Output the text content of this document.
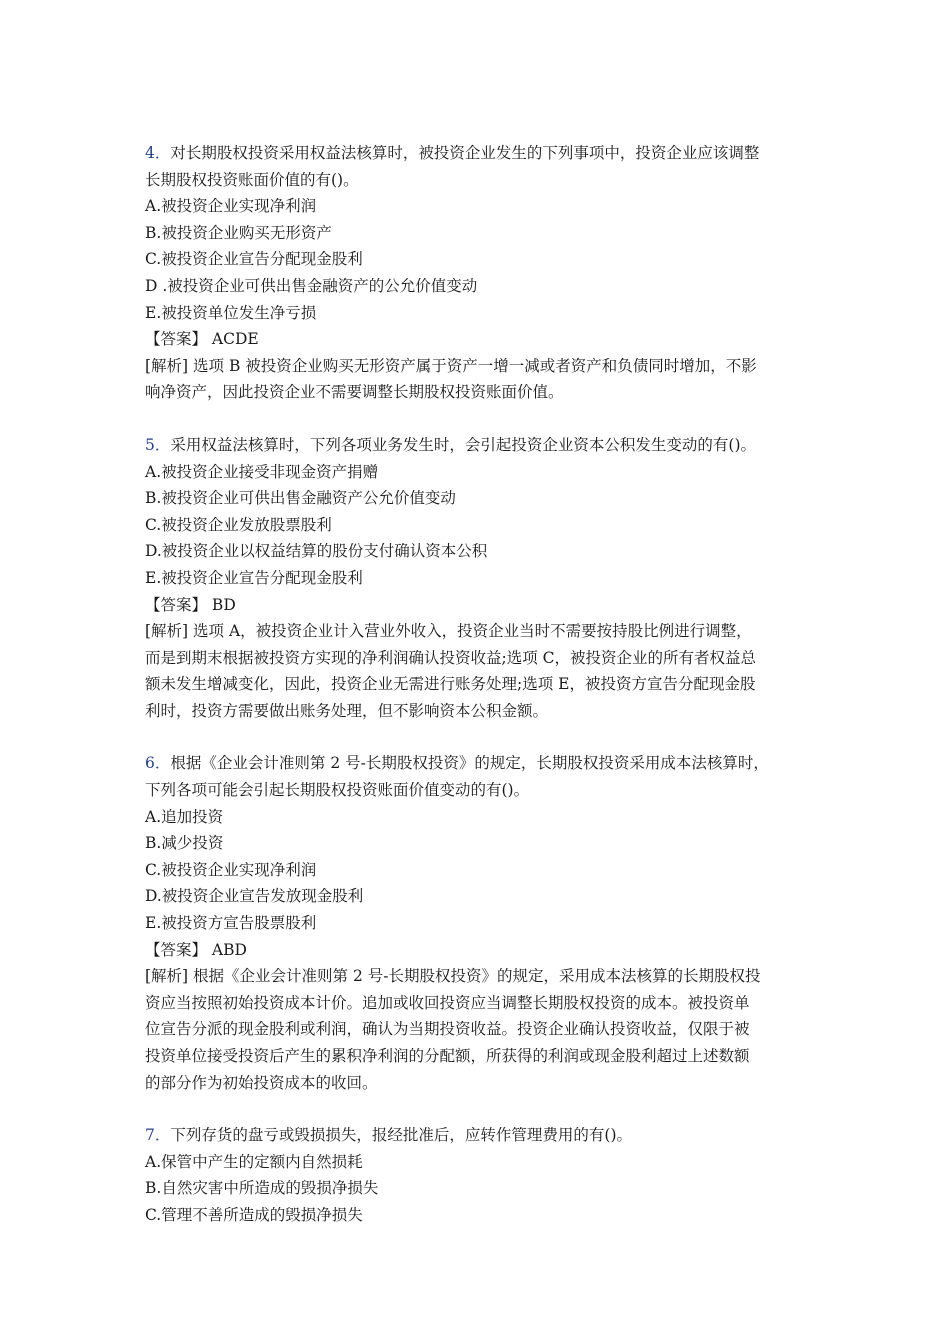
4．对长期股权投资采用权益法核算时，被投资企业发生的下列事项中，投资企业应该调整
长期股权投资账面价值的有()。
A.被投资企业实现净利润
B.被投资企业购买无形资产
C.被投资企业宣告分配现金股利
D .被投资企业可供出售金融资产的公允价值变动
E.被投资单位发生净亏损
【答案】 ACDE
[解析] 选项 B 被投资企业购买无形资产属于资产一增一减或者资产和负债同时增加，不影
响净资产，因此投资企业不需要调整长期股权投资账面价值。
5．采用权益法核算时，下列各项业务发生时，会引起投资企业资本公积发生变动的有()。
A.被投资企业接受非现金资产捐赠
B.被投资企业可供出售金融资产公允价值变动
C.被投资企业发放股票股利
D.被投资企业以权益结算的股份支付确认资本公积
E.被投资企业宣告分配现金股利
【答案】 BD
[解析] 选项 A，被投资企业计入营业外收入，投资企业当时不需要按持股比例进行调整，
而是到期末根据被投资方实现的净利润确认投资收益;选项 C，被投资企业的所有者权益总
额未发生增减变化，因此，投资企业无需进行账务处理;选项 E，被投资方宣告分配现金股
利时，投资方需要做出账务处理，但不影响资本公积金额。
6．根据《企业会计准则第 2 号-长期股权投资》的规定，长期股权投资采用成本法核算时，
下列各项可能会引起长期股权投资账面价值变动的有()。
A.追加投资
B.减少投资
C.被投资企业实现净利润
D.被投资企业宣告发放现金股利
E.被投资方宣告股票股利
【答案】 ABD
[解析] 根据《企业会计准则第 2 号-长期股权投资》的规定，采用成本法核算的长期股权投
资应当按照初始投资成本计价。追加或收回投资应当调整长期股权投资的成本。被投资单
位宣告分派的现金股利或利润，确认为当期投资收益。投资企业确认投资收益，仅限于被
投资单位接受投资后产生的累积净利润的分配额，所获得的利润或现金股利超过上述数额
的部分作为初始投资成本的收回。
7．下列存货的盘亏或毁损损失，报经批准后，应转作管理费用的有()。
A.保管中产生的定额内自然损耗
B.自然灾害中所造成的毁损净损失
C.管理不善所造成的毁损净损失
